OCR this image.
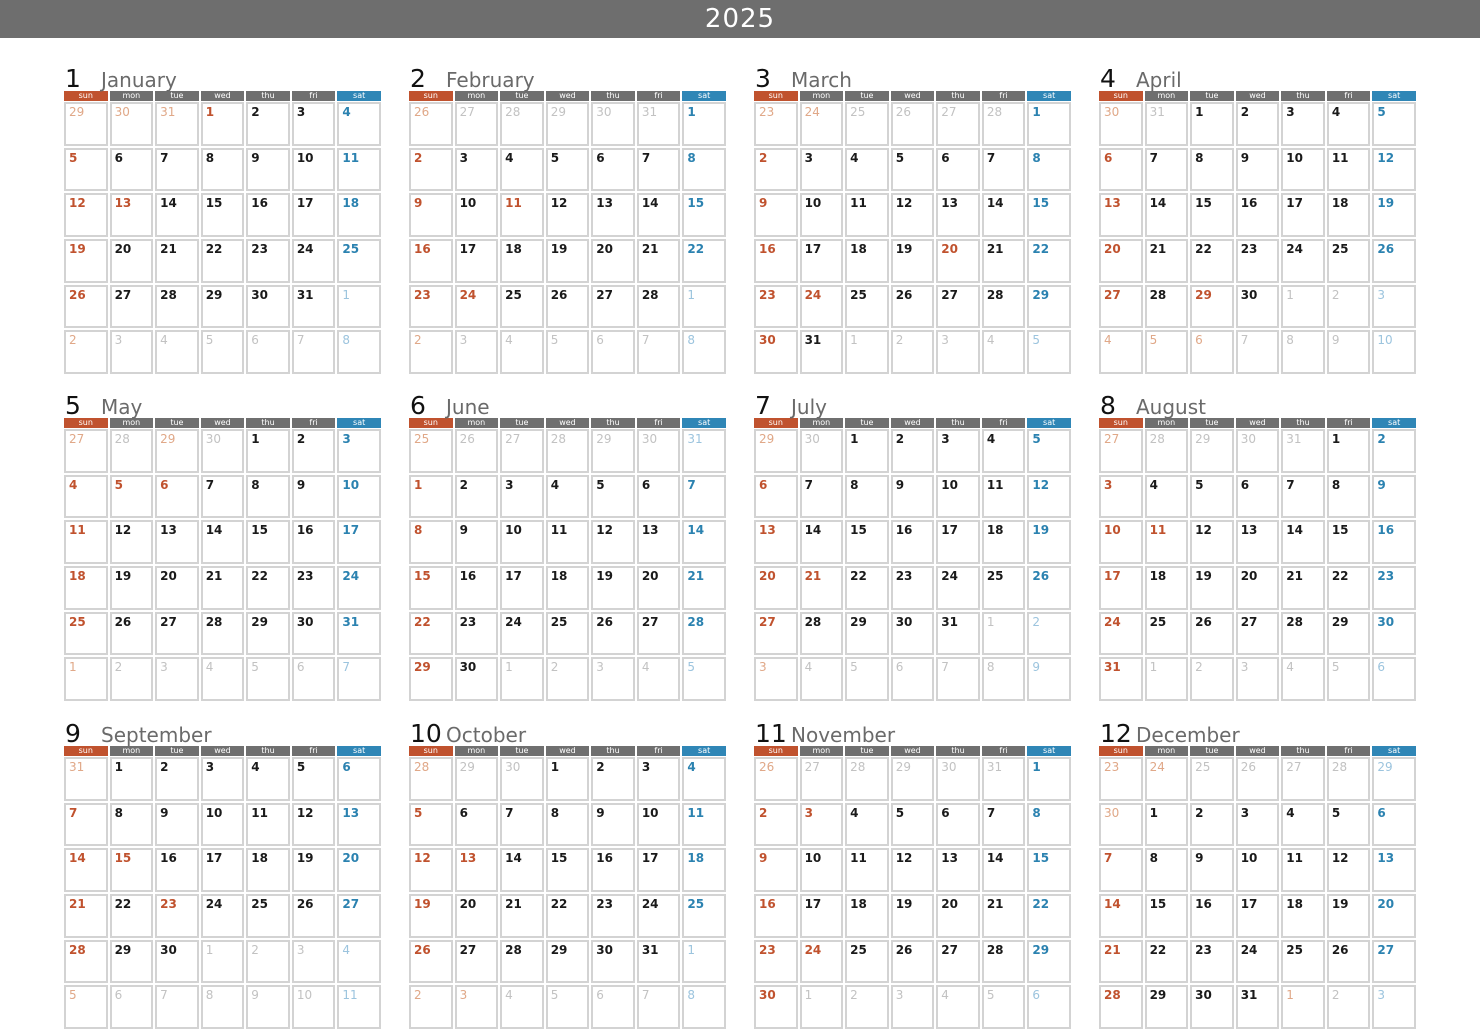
2025
1 January
sun	mon	tue	wed	thu	fri	sat
29	30	31	1	2	3	4
5	6	7	8	9	10 11
12 13 14 15 16 17 18
19 20 21 22 23 24 25
26 27 28 29 30 31 1
2	3	4	5	6	7	8
2 February
sun	mon	tue	wed	thu	fri	sat
26	27	28	29	30	31	1
2	3	4	5	6	7	8
9	10 11 12 13 14 15
16 17 18 19 20 21 22
23 24 25 26 27 28 1
2	3	4	5	6	7	8
3 March
sun	mon	tue	wed	thu	fri	sat
23	24	25	26	27	28	1
2	3	4	5	6	7	8
9	10 11 12 13 14 15
16 17 18 19 20 21 22
23 24 25 26 27 28 29
30 31 1	2	3	4	5
4 April
sun	mon	tue	wed	thu	fri	sat
30	31	1	2	3	4	5
6	7	8	9	10 11 12
13 14 15 16 17 18 19
20 21 22 23 24 25 26
27 28 29 30 1	2	3
4	5	6	7	8	9	10
5 May
sun	mon	tue	wed	thu	fri	sat
27	28	29	30	1	2	3
4	5	6	7	8	9	10
11 12 13 14 15 16 17
18 19 20 21 22 23 24
25 26 27 28 29 30 31
1	2	3	4	5	6	7
6 June
sun	mon	tue	wed	thu	fri	sat
25	26	27	28	29	30	31
1	2	3	4	5	6	7
8	9	10 11 12 13 14
15 16 17 18 19 20 21
22 23 24 25 26 27 28
29 30 1	2	3	4	5
7 July
sun	mon	tue	wed	thu	fri	sat
29	30	1	2	3	4	5
6	7	8	9	10 11 12
13 14 15 16 17 18 19
20 21 22 23 24 25 26
27 28 29 30 31 1	2
3	4	5	6	7	8	9
8 August
sun	mon	tue	wed	thu	fri	sat
27	28	29	30	31	1	2
3	4	5	6	7	8	9
10 11 12 13 14 15 16
17 18 19 20 21 22 23
24 25 26 27 28 29 30
31 1	2	3	4	5	6
9 September
sun	mon	tue	wed	thu	fri	sat
31	1	2	3	4	5	6
7	8	9	10 11 12 13
14 15 16 17 18 19 20
21 22 23 24 25 26 27
28 29 30 1	2	3	4
5	6	7	8	9	10	11
10 October
sun	mon	tue	wed	thu	fri	sat
28	29	30	1	2	3	4
5	6	7	8	9	10 11
12 13 14 15 16 17 18
19 20 21 22 23 24 25
26 27 28 29 30 31 1
2	3	4	5	6	7	8
11 November
sun	mon	tue	wed	thu	fri	sat
26	27	28	29	30	31	1
2	3	4	5	6	7	8
9	10 11 12 13 14 15
16 17 18 19 20 21 22
23 24 25 26 27 28 29
30 1	2	3	4	5	6
12 December
sun	mon	tue	wed	thu	fri	sat
23	24	25	26	27	28	29
30	1	2	3	4	5	6
7	8	9	10 11 12 13
14 15 16 17 18 19 20
21 22 23 24 25 26 27
28 29 30 31 1	2	3
